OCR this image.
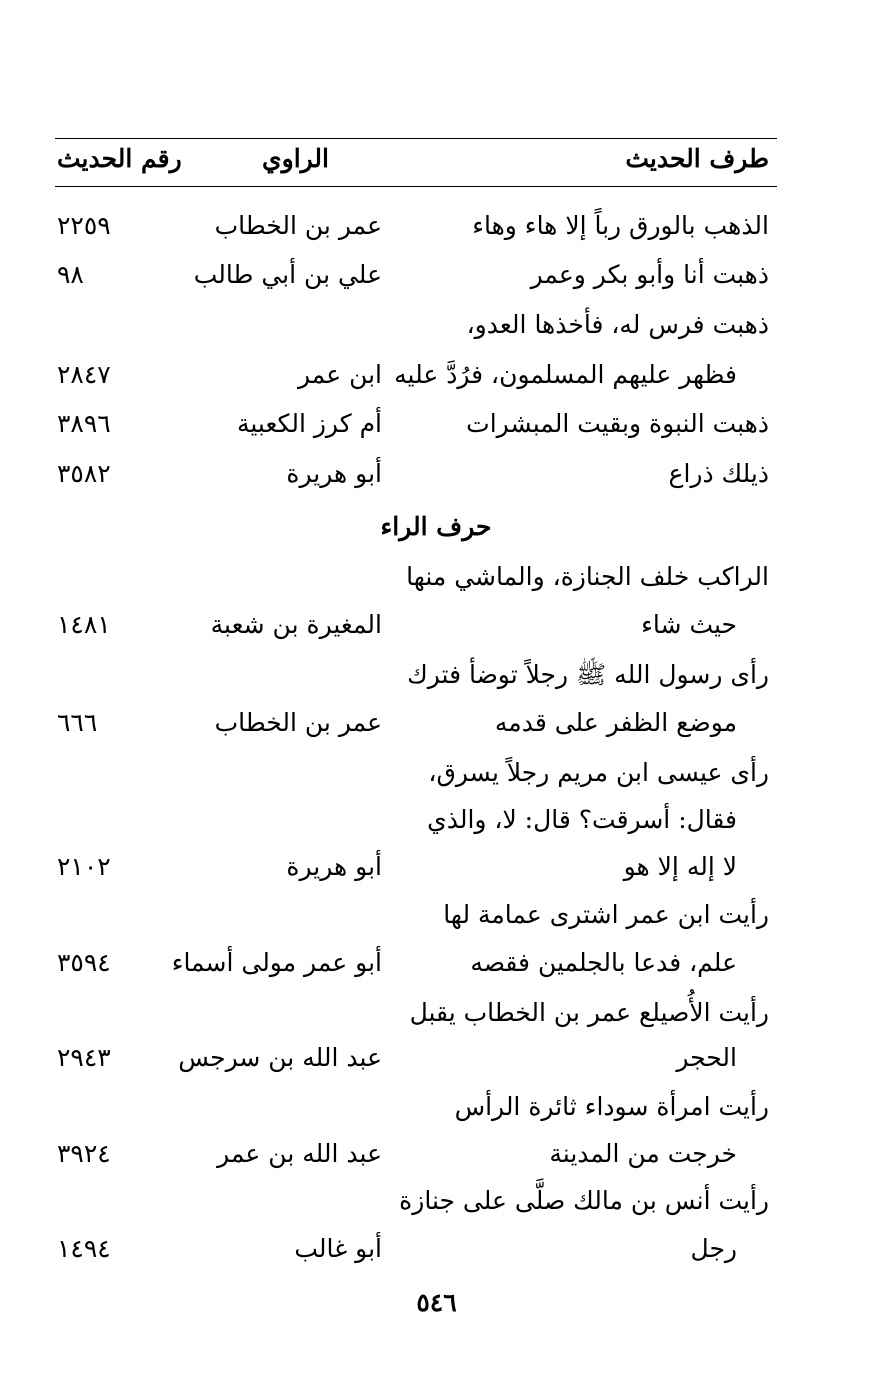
طرف الحديث
الراوي
رقم الحديث
الذهب بالورق رباً إلا هاء وهاء
عمر بن الخطاب
٢٢٥٩
ذهبت أنا وأبو بكر وعمر
علي بن أبي طالب
٩٨
ذهبت فرس له، فأخذها العدو،
فظهر عليهم المسلمون، فرُدَّ عليه
ابن عمر
٢٨٤٧
ذهبت النبوة وبقيت المبشرات
أم كرز الكعبية
٣٨٩٦
ذيلك ذراع
أبو هريرة
٣٥٨٢
حرف الراء
الراكب خلف الجنازة، والماشي منها
حيث شاء
المغيرة بن شعبة
١٤٨١
رأى رسول الله ﷺ رجلاً توضأ فترك
موضع الظفر على قدمه
عمر بن الخطاب
٦٦٦
رأى عيسى ابن مريم رجلاً يسرق،
فقال: أسرقت؟ قال: لا، والذي
لا إله إلا هو
أبو هريرة
٢١٠٢
رأيت ابن عمر اشترى عمامة لها
علم، فدعا بالجلمين فقصه
أبو عمر مولى أسماء
٣٥٩٤
رأيت الأُصيلع عمر بن الخطاب يقبل
الحجر
عبد الله بن سرجس
٢٩٤٣
رأيت امرأة سوداء ثائرة الرأس
خرجت من المدينة
عبد الله بن عمر
٣٩٢٤
رأيت أنس بن مالك صلَّى على جنازة
رجل
أبو غالب
١٤٩٤
٥٤٦
